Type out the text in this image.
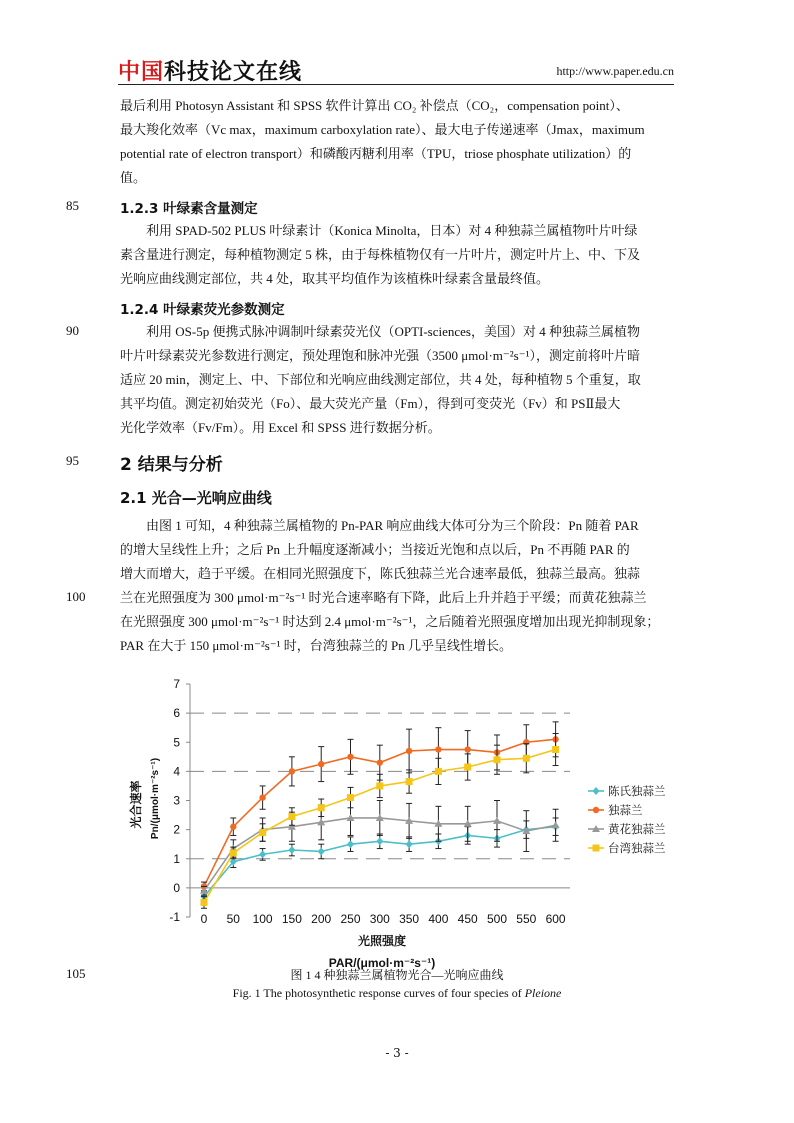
中国科技论文在线	http://www.paper.edu.cn
最后利用 Photosyn Assistant 和 SPSS 软件计算出 CO₂ 补偿点（CO₂，compensation point）、
最大羧化效率（Vc max，maximum carboxylation rate）、最大电子传递速率（Jmax，maximum
potential rate of electron transport）和磷酸丙糖利用率（TPU，triose phosphate utilization）的
值。
85	1.2.3 叶绿素含量测定
利用 SPAD-502 PLUS 叶绿素计（Konica Minolta，日本）对 4 种独蒜兰属植物叶片叶绿
素含量进行测定，每种植物测定 5 株，由于每株植物仅有一片叶片，测定叶片上、中、下及
光响应曲线测定部位，共 4 处，取其平均值作为该植株叶绿素含量最终值。
1.2.4 叶绿素荧光参数测定
90	利用 OS-5p 便携式脉冲调制叶绿素荧光仪（OPTI-sciences，美国）对 4 种独蒜兰属植物
叶片叶绿素荧光参数进行测定，预处理饱和脉冲光强（3500 μmol·m⁻²s⁻¹），测定前将叶片暗
适应 20 min，测定上、中、下部位和光响应曲线测定部位，共 4 处，每种植物 5 个重复，取
其平均值。测定初始荧光（Fo）、最大荧光产量（Fm），得到可变荧光（Fv）和 PSⅡ最大
光化学效率（Fv/Fm）。用 Excel 和 SPSS 进行数据分析。
95 2 结果与分析
2.1 光合—光响应曲线
由图 1 可知，4 种独蒜兰属植物的 Pn-PAR 响应曲线大体可分为三个阶段：Pn 随着 PAR
的增大呈线性上升；之后 Pn 上升幅度逐渐减小；当接近光饱和点以后，Pn 不再随 PAR 的
增大而增大，趋于平缓。在相同光照强度下，陈氏独蒜兰光合速率最低，独蒜兰最高。独蒜
100	兰在光照强度为 300 μmol·m⁻²s⁻¹ 时光合速率略有下降，此后上升并趋于平缓；而黄花独蒜兰
在光照强度 300 μmol·m⁻²s⁻¹ 时达到 2.4 μmol·m⁻²s⁻¹，之后随着光照强度增加出现光抑制现象；
PAR 在大于 150 μmol·m⁻²s⁻¹ 时，台湾独蒜兰的 Pn 几乎呈线性增长。
-1
0
1
2
3
4
5
6
7
0 50 100 150 200 250 300 350 400 450 500 550 600
光照强度
PAR/(μmol·m⁻²s⁻¹)
光合速率 Pn/(μmol·m⁻²s⁻¹)	陈氏独蒜兰
独蒜兰
黄花独蒜兰
台湾独蒜兰
105	图 1 4 种独蒜兰属植物光合—光响应曲线
Fig. 1 The photosynthetic response curves of four species of Pleione
- 3 -
